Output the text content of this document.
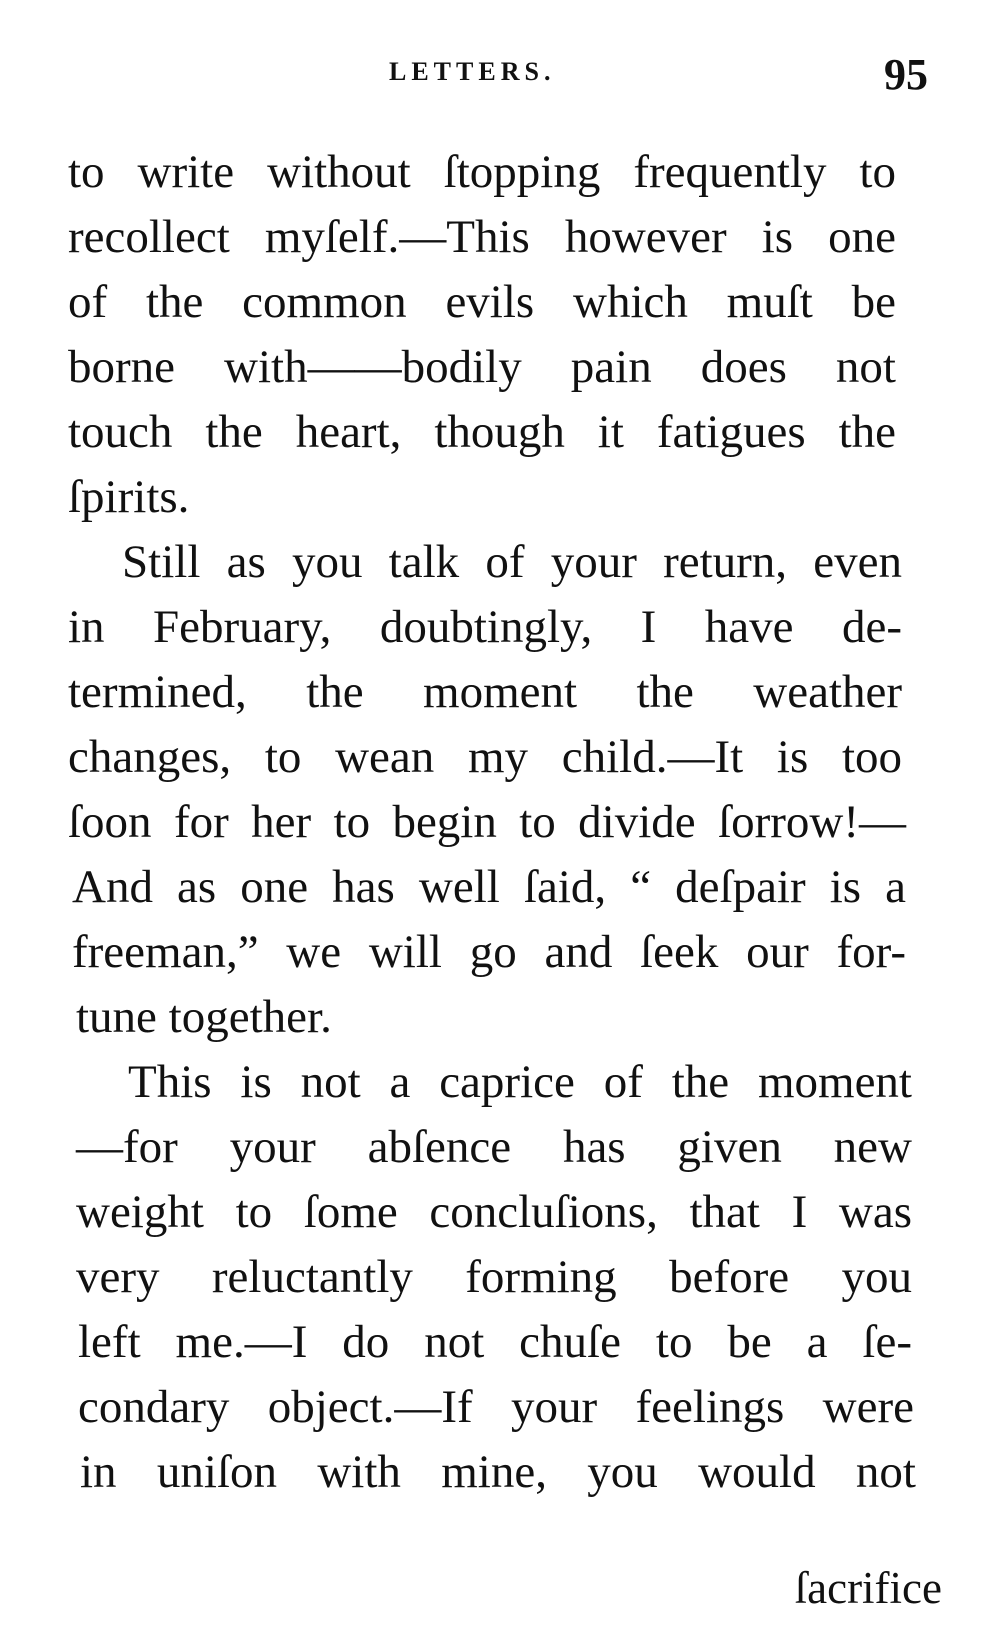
LETTERS.	95
to write without ſtopping frequently to
recollect myſelf.—This however is one
of the common evils which muſt be
borne with——bodily pain does not
touch the heart, though it fatigues the
ſpirits.
Still as you talk of your return, even
in February, doubtingly, I have de-
termined, the moment the weather
changes, to wean my child.—It is too
ſoon for her to begin to divide ſorrow!—
And as one has well ſaid, “ deſpair is a
freeman,” we will go and ſeek our for-
tune together.
This is not a caprice of the moment
—for your abſence has given new
weight to ſome concluſions, that I was
very reluctantly forming before you
left me.—I do not chuſe to be a ſe-
condary object.—If your feelings were
in uniſon with mine, you would not
ſacrifice
